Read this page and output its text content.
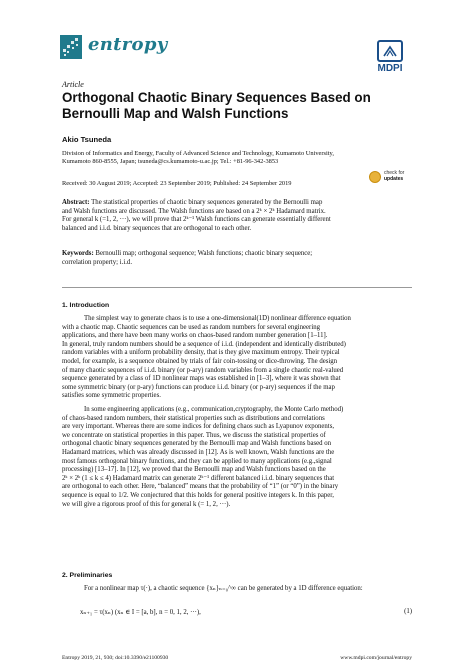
entropy
MDPI
Article
Orthogonal Chaotic Binary Sequences Based on
Bernoulli Map and Walsh Functions
Akio Tsuneda
Division of Informatics and Energy, Faculty of Advanced Science and Technology, Kumamoto University,
Kumamoto 860-8555, Japan; tsuneda@cs.kumamoto-u.ac.jp; Tel.: +81-96-342-3853
Received: 30 August 2019; Accepted: 23 September 2019; Published: 24 September 2019
check for
updates
Abstract: The statistical properties of chaotic binary sequences generated by the Bernoulli map
and Walsh functions are discussed. The Walsh functions are based on a 2ᵏ × 2ᵏ Hadamard matrix.
For general k (=1, 2, ···), we will prove that 2ᵏ⁻¹ Walsh functions can generate essentially different
balanced and i.i.d. binary sequences that are orthogonal to each other.
Keywords: Bernoulli map; orthogonal sequence; Walsh functions; chaotic binary sequence;
correlation property; i.i.d.
1. Introduction
The simplest way to generate chaos is to use a one-dimensional(1D) nonlinear difference equation
with a chaotic map. Chaotic sequences can be used as random numbers for several engineering
applications, and there have been many works on chaos-based random number generation [1–11].
In general, truly random numbers should be a sequence of i.i.d. (independent and identically distributed)
random variables with a uniform probability density, that is they give maximum entropy. Their typical
model, for example, is a sequence obtained by trials of fair coin-tossing or dice-throwing. The design
of many chaotic sequences of i.i.d. binary (or p-ary) random variables from a single chaotic real-valued
sequence generated by a class of 1D nonlinear maps was established in [1–3], where it was shown that
some symmetric binary (or p-ary) functions can produce i.i.d. binary (or p-ary) sequences if the map
satisfies some symmetric properties.
In some engineering applications (e.g., communication,cryptography, the Monte Carlo method)
of chaos-based random numbers, their statistical properties such as distributions and correlations
are very important. Whereas there are some indices for defining chaos such as Lyapunov exponents,
we concentrate on statistical properties in this paper. Thus, we discuss the statistical properties of
orthogonal chaotic binary sequences generated by the Bernoulli map and Walsh functions based on
Hadamard matrices, which was already discussed in [12]. As is well known, Walsh functions are the
most famous orthogonal binary functions, and they can be applied to many applications (e.g.,signal
processing) [13–17]. In [12], we proved that the Bernoulli map and Walsh functions based on the
2ᵏ × 2ᵏ (1 ≤ k ≤ 4) Hadamard matrix can generate 2ᵏ⁻¹ different balanced i.i.d. binary sequences that
are orthogonal to each other. Here, “balanced” means that the probability of “1” (or “0”) in the binary
sequence is equal to 1/2. We conjectured that this holds for general positive integers k. In this paper,
we will give a rigorous proof of this for general k (= 1, 2, ···).
2. Preliminaries
For a nonlinear map τ(·), a chaotic sequence {xₙ}ₙ₌₀^∞ can be generated by a 1D difference equation:
xₙ₊₁ = τ(xₙ) (xₙ ∈ I = [a, b], n = 0, 1, 2, ···),	(1)
Entropy 2019, 21, 930; doi:10.3390/e21100930	www.mdpi.com/journal/entropy
